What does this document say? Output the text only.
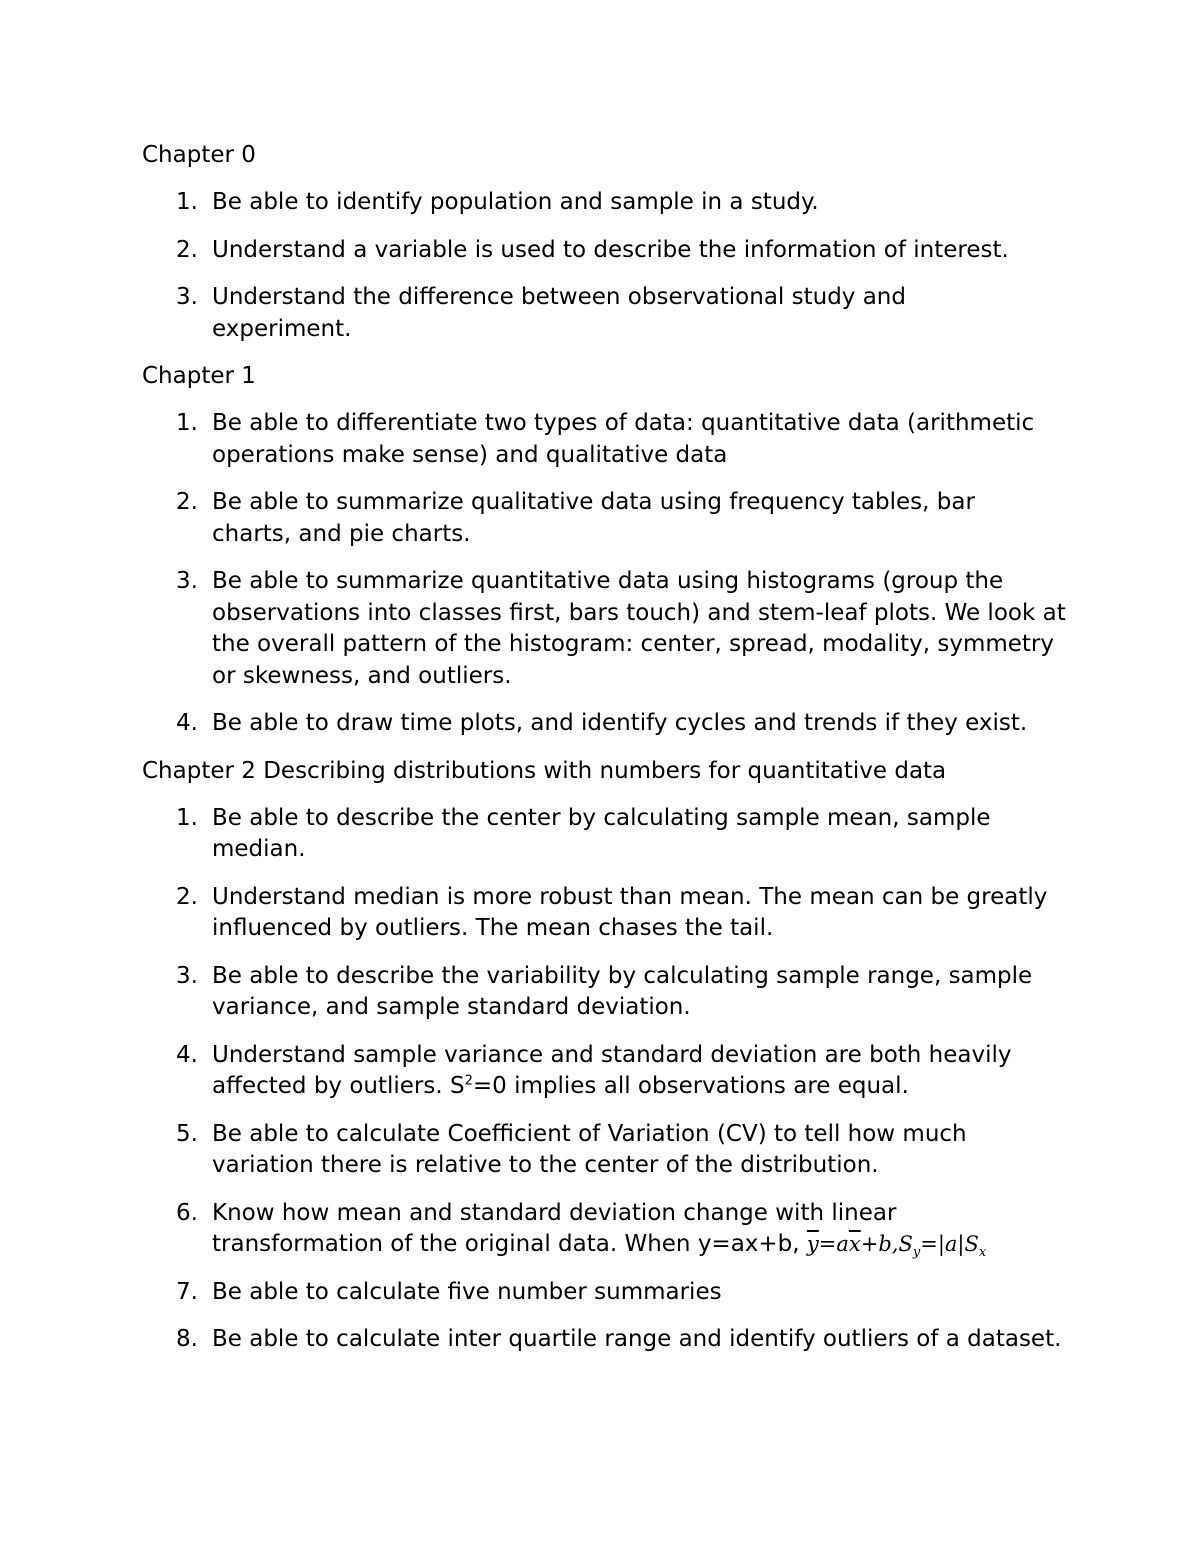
Chapter 0
1. Be able to identify population and sample in a study.
2. Understand a variable is used to describe the information of interest.
3. Understand the difference between observational study and experiment.
Chapter 1
1. Be able to differentiate two types of data: quantitative data (arithmetic operations make sense) and qualitative data
2. Be able to summarize qualitative data using frequency tables, bar charts, and pie charts.
3. Be able to summarize quantitative data using histograms (group the observations into classes first, bars touch) and stem-leaf plots. We look at the overall pattern of the histogram: center, spread, modality, symmetry or skewness, and outliers.
4. Be able to draw time plots, and identify cycles and trends if they exist.
Chapter 2 Describing distributions with numbers for quantitative data
1. Be able to describe the center by calculating sample mean, sample median.
2. Understand median is more robust than mean. The mean can be greatly influenced by outliers. The mean chases the tail.
3. Be able to describe the variability by calculating sample range, sample variance, and sample standard deviation.
4. Understand sample variance and standard deviation are both heavily affected by outliers. $S^2=0$ implies all observations are equal.
5. Be able to calculate Coefficient of Variation (CV) to tell how much variation there is relative to the center of the distribution.
6. Know how mean and standard deviation change with linear transformation of the original data. When y=ax+b, $\overline{y}=a\overline{x}+b,S_y=|a|S_x$
7. Be able to calculate five number summaries
8. Be able to calculate inter quartile range and identify outliers of a dataset.
